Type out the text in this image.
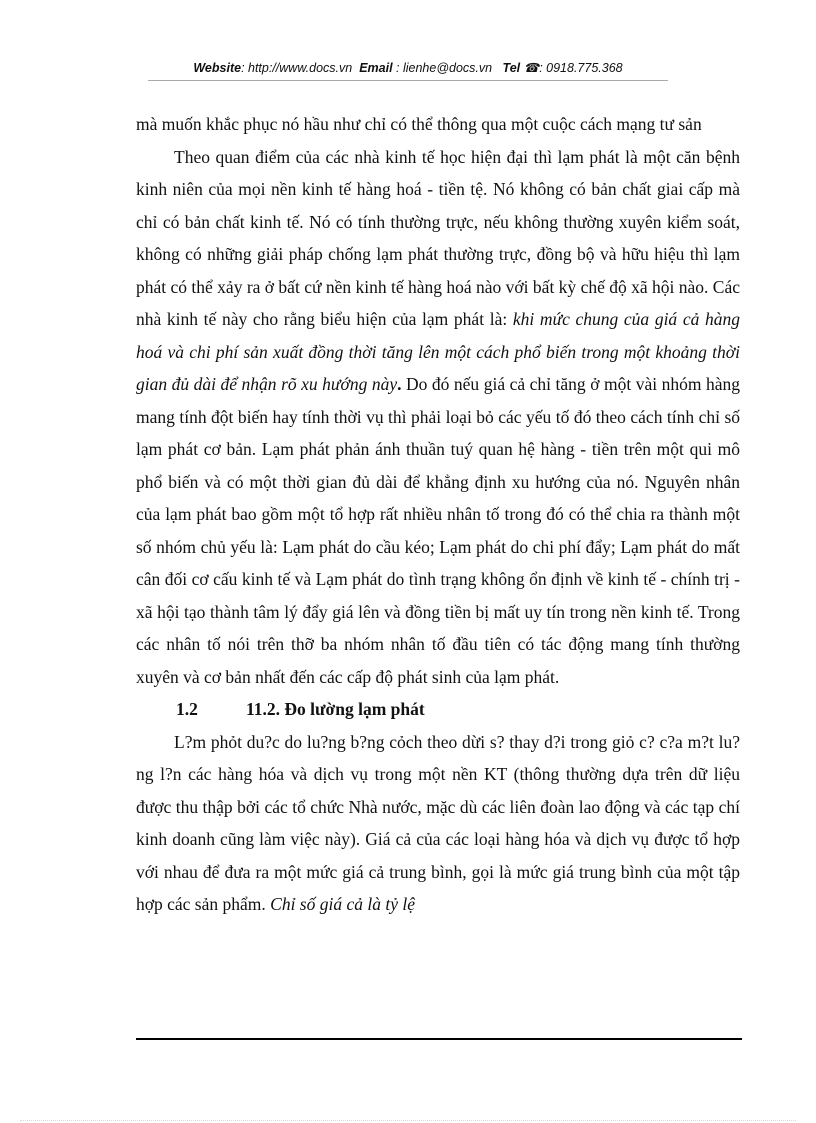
Website: http://www.docs.vn Email : lienhe@docs.vn Tel ☎: 0918.775.368

mà muốn khắc phục nó hầu như chỉ có thể thông qua một cuộc cách mạng tư sản

Theo quan điểm của các nhà kinh tế học hiện đại thì lạm phát là một căn bệnh kinh niên của mọi nền kinh tế hàng hoá - tiền tệ. Nó không có bản chất giai cấp mà chỉ có bản chất kinh tế. Nó có tính thường trực, nếu không thường xuyên kiểm soát, không có những giải pháp chống lạm phát thường trực, đồng bộ và hữu hiệu thì lạm phát có thể xảy ra ở bất cứ nền kinh tế hàng hoá nào với bất kỳ chế độ xã hội nào. Các nhà kinh tế này cho rằng biểu hiện của lạm phát là: khi mức chung của giá cả hàng hoá và chi phí sản xuất đồng thời tăng lên một cách phổ biến trong một khoảng thời gian đủ dài để nhận rõ xu hướng này. Do đó nếu giá cả chỉ tăng ở một vài nhóm hàng mang tính đột biến hay tính thời vụ thì phải loại bỏ các yếu tố đó theo cách tính chỉ số lạm phát cơ bản. Lạm phát phản ánh thuần tuý quan hệ hàng - tiền trên một qui mô phổ biến và có một thời gian đủ dài để khẳng định xu hướng của nó. Nguyên nhân của lạm phát bao gồm một tổ hợp rất nhiều nhân tố trong đó có thể chia ra thành một số nhóm chủ yếu là: Lạm phát do cầu kéo; Lạm phát do chi phí đẩy; Lạm phát do mất cân đối cơ cấu kinh tế và Lạm phát do tình trạng không ổn định về kinh tế - chính trị - xã hội tạo thành tâm lý đẩy giá lên và đồng tiền bị mất uy tín trong nền kinh tế. Trong các nhân tố nói trên thỡ ba nhóm nhân tố đầu tiên có tác động mang tính thường xuyên và cơ bản nhất đến các cấp độ phát sinh của lạm phát.

1.2	11.2. Đo lường lạm phát

L?m phỏt du?c do lu?ng b?ng cỏch theo dừi s? thay d?i trong giỏ c? c?a m?t lu?ng l?n các hàng hóa và dịch vụ trong một nền KT (thông thường dựa trên dữ liệu được thu thập bởi các tổ chức Nhà nước, mặc dù các liên đoàn lao động và các tạp chí kinh doanh cũng làm việc này). Giá cả của các loại hàng hóa và dịch vụ được tổ hợp với nhau để đưa ra một mức giá cả trung bình, gọi là mức giá trung bình của một tập hợp các sản phẩm. Chỉ số giá cả là tỷ lệ
